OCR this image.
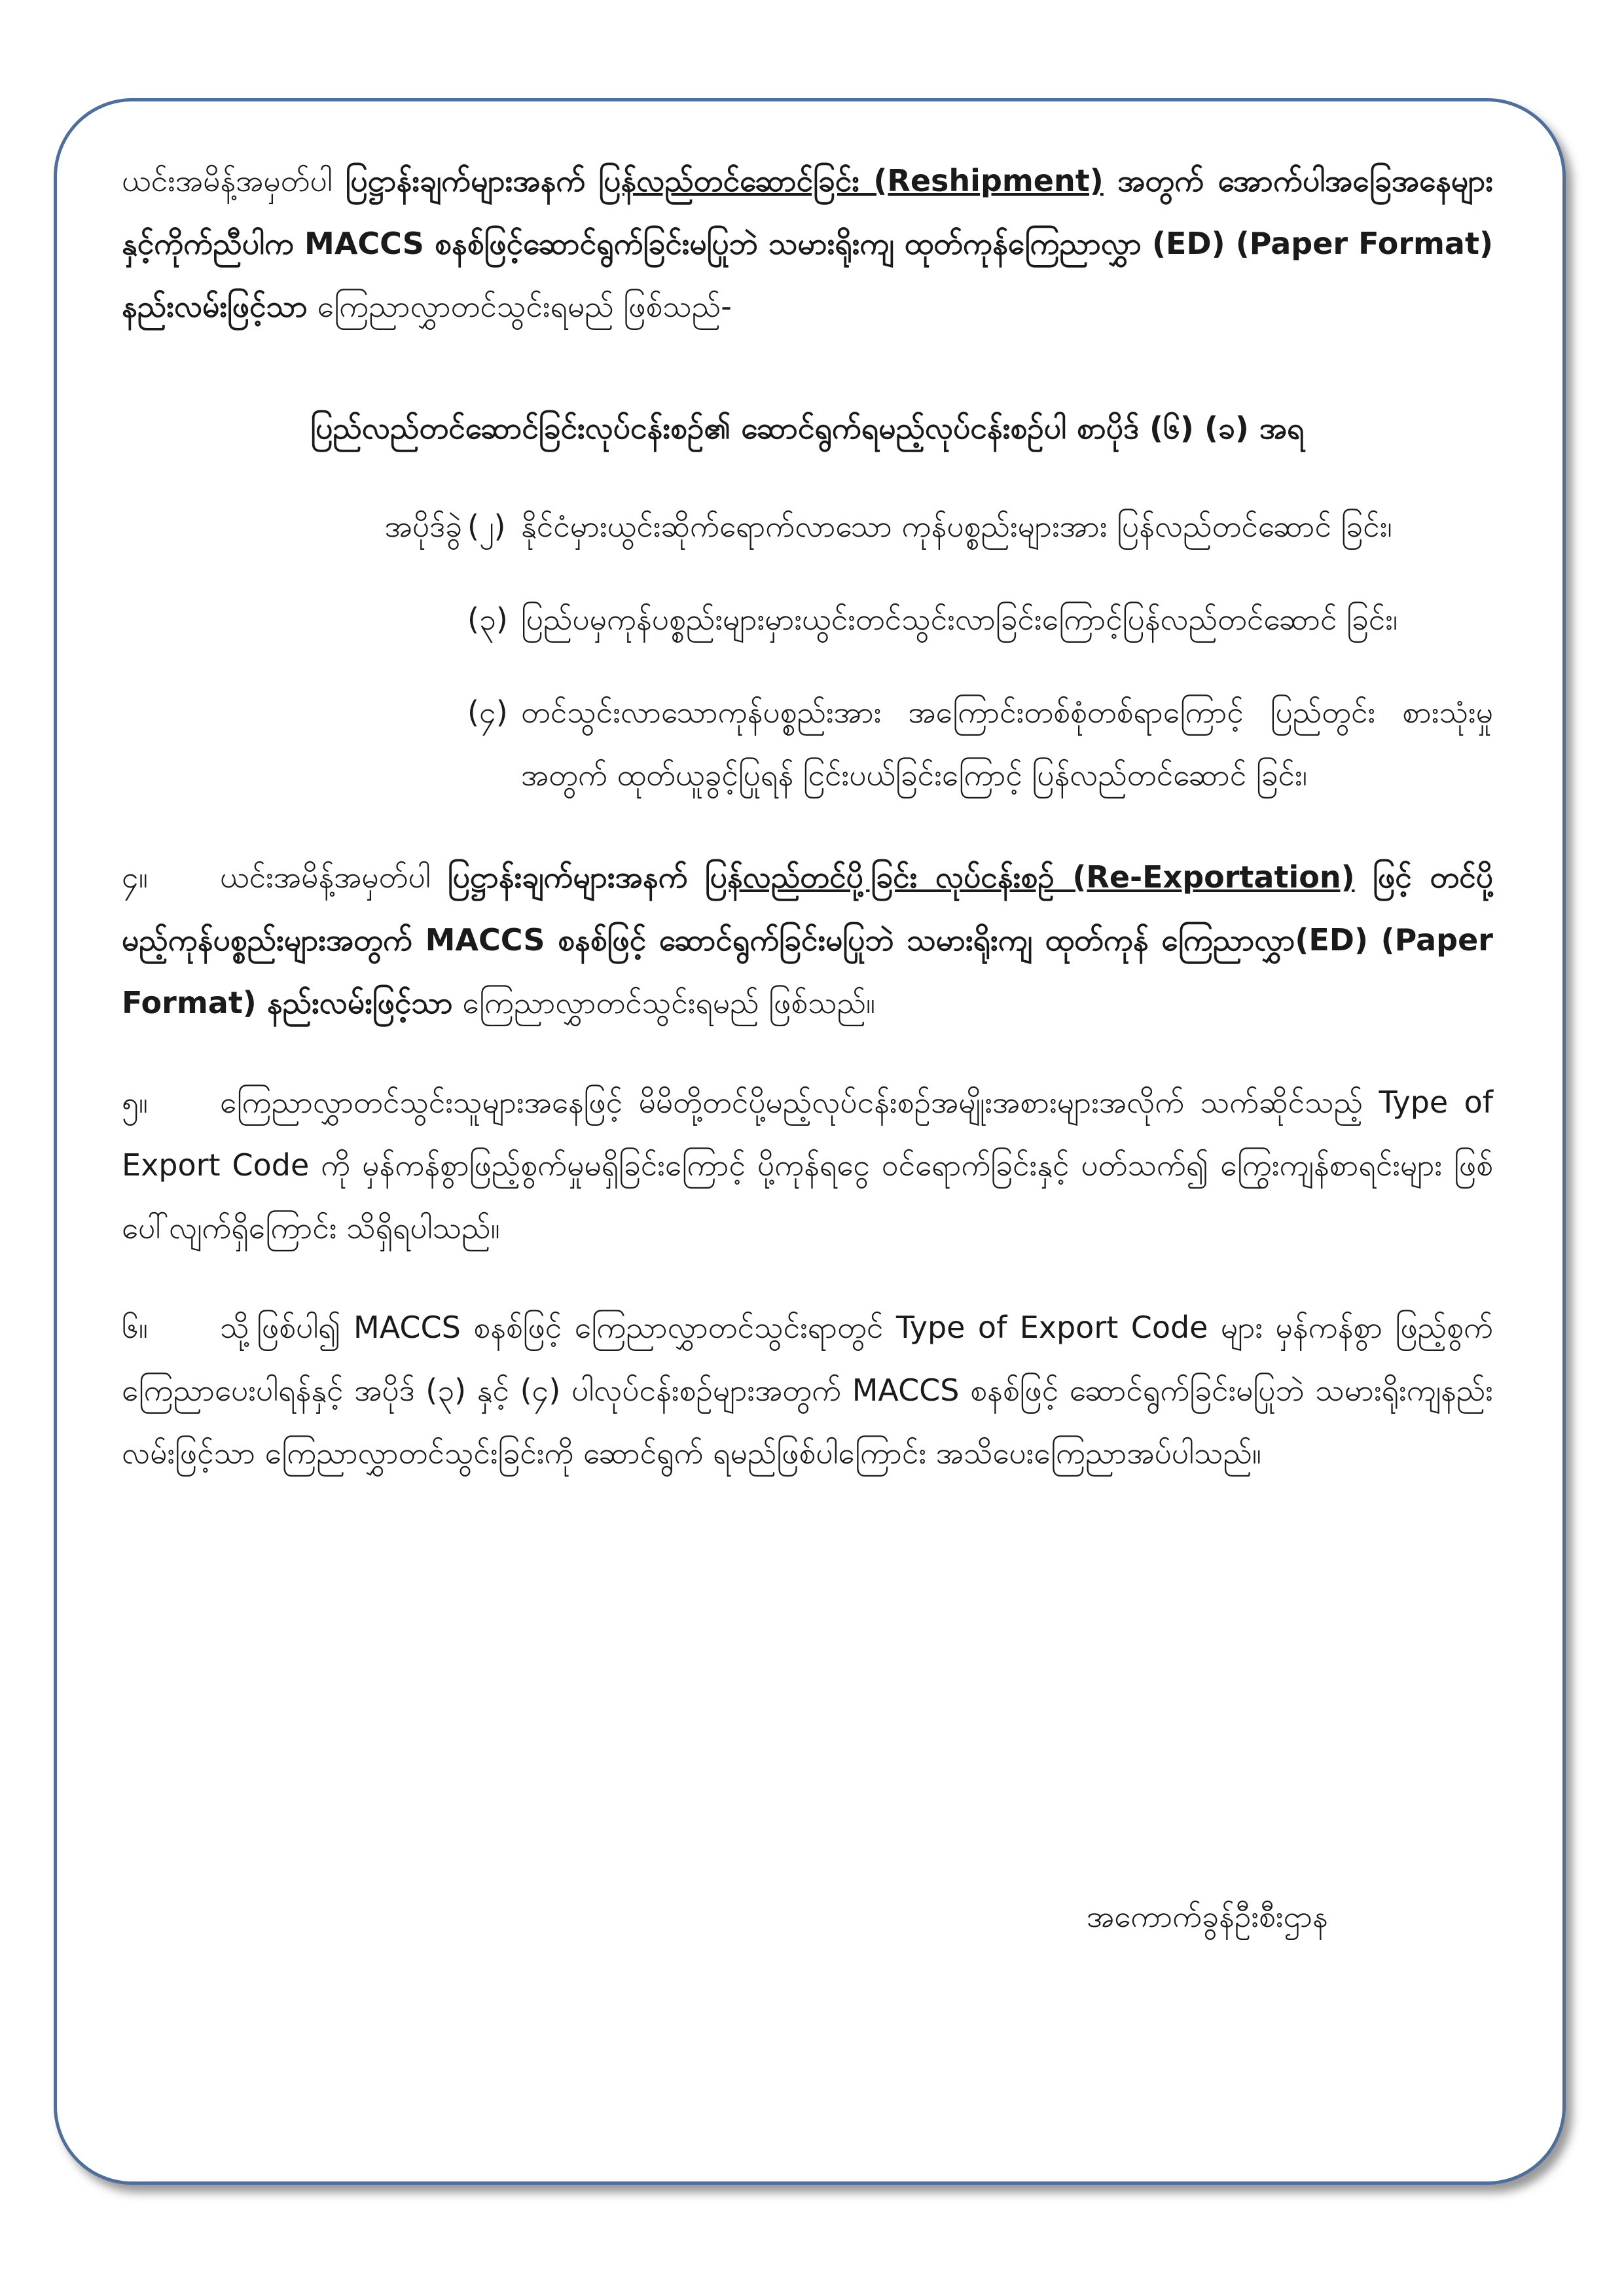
ယင်းအမိန့်အမှတ်ပါ ပြဋ္ဌာန်းချက်များအနက် ပြန်လည်တင်ဆောင်ခြင်း (Reshipment) အတွက် အောက်ပါအခြေအနေများနှင့်ကိုက်ညီပါက MACCS စနစ်ဖြင့်ဆောင်ရွက်ခြင်းမပြုဘဲ သမားရိုးကျ ထုတ်ကုန်ကြေညာလွှာ (ED) (Paper Format) နည်းလမ်းဖြင့်သာ ကြေညာလွှာတင်သွင်းရမည် ဖြစ်သည်-

ပြည်လည်တင်ဆောင်ခြင်းလုပ်ငန်းစဉ်၏ ဆောင်ရွက်ရမည့်လုပ်ငန်းစဉ်ပါ စာပိုဒ် (၆) (ခ) အရ

အပိုဒ်ခွဲ (၂) နိုင်ငံမှားယွင်းဆိုက်ရောက်လာသော ကုန်ပစ္စည်းများအား ပြန်လည်တင်ဆောင် ခြင်း၊
(၃) ပြည်ပမှကုန်ပစ္စည်းများမှားယွင်းတင်သွင်းလာခြင်းကြောင့်ပြန်လည်တင်ဆောင် ခြင်း၊
(၄) တင်သွင်းလာသောကုန်ပစ္စည်းအား အကြောင်းတစ်စုံတစ်ရာကြောင့် ပြည်တွင်း စားသုံးမှုအတွက် ထုတ်ယူခွင့်ပြုရန် ငြင်းပယ်ခြင်းကြောင့် ပြန်လည်တင်ဆောင် ခြင်း၊

၄။ ယင်းအမိန့်အမှတ်ပါ ပြဋ္ဌာန်းချက်များအနက် ပြန်လည်တင်ပို့ခြင်း လုပ်ငန်းစဉ် (Re-Exportation) ဖြင့် တင်ပို့မည့်ကုန်ပစ္စည်းများအတွက် MACCS စနစ်ဖြင့် ဆောင်ရွက်ခြင်းမပြုဘဲ သမားရိုးကျ ထုတ်ကုန် ကြေညာလွှာ(ED) (Paper Format) နည်းလမ်းဖြင့်သာ ကြေညာလွှာတင်သွင်းရမည် ဖြစ်သည်။

၅။ ကြေညာလွှာတင်သွင်းသူများအနေဖြင့် မိမိတို့တင်ပို့မည့်လုပ်ငန်းစဉ်အမျိုးအစားများအလိုက် သက်ဆိုင်သည့် Type of Export Code ကို မှန်ကန်စွာဖြည့်စွက်မှုမရှိခြင်းကြောင့် ပို့ကုန်ရငွေ ဝင်ရောက်ခြင်းနှင့် ပတ်သက်၍ ကြွေးကျန်စာရင်းများ ဖြစ်ပေါ်လျက်ရှိကြောင်း သိရှိရပါသည်။

၆။ သို့ဖြစ်ပါ၍ MACCS စနစ်ဖြင့် ကြေညာလွှာတင်သွင်းရာတွင် Type of Export Code များ မှန်ကန်စွာ ဖြည့်စွက်ကြေညာပေးပါရန်နှင့် အပိုဒ် (၃) နှင့် (၄) ပါလုပ်ငန်းစဉ်များအတွက် MACCS စနစ်ဖြင့် ဆောင်ရွက်ခြင်းမပြုဘဲ သမားရိုးကျနည်းလမ်းဖြင့်သာ ကြေညာလွှာတင်သွင်းခြင်းကို ဆောင်ရွက် ရမည်ဖြစ်ပါကြောင်း အသိပေးကြေညာအပ်ပါသည်။

အကောက်ခွန်ဦးစီးဌာန
